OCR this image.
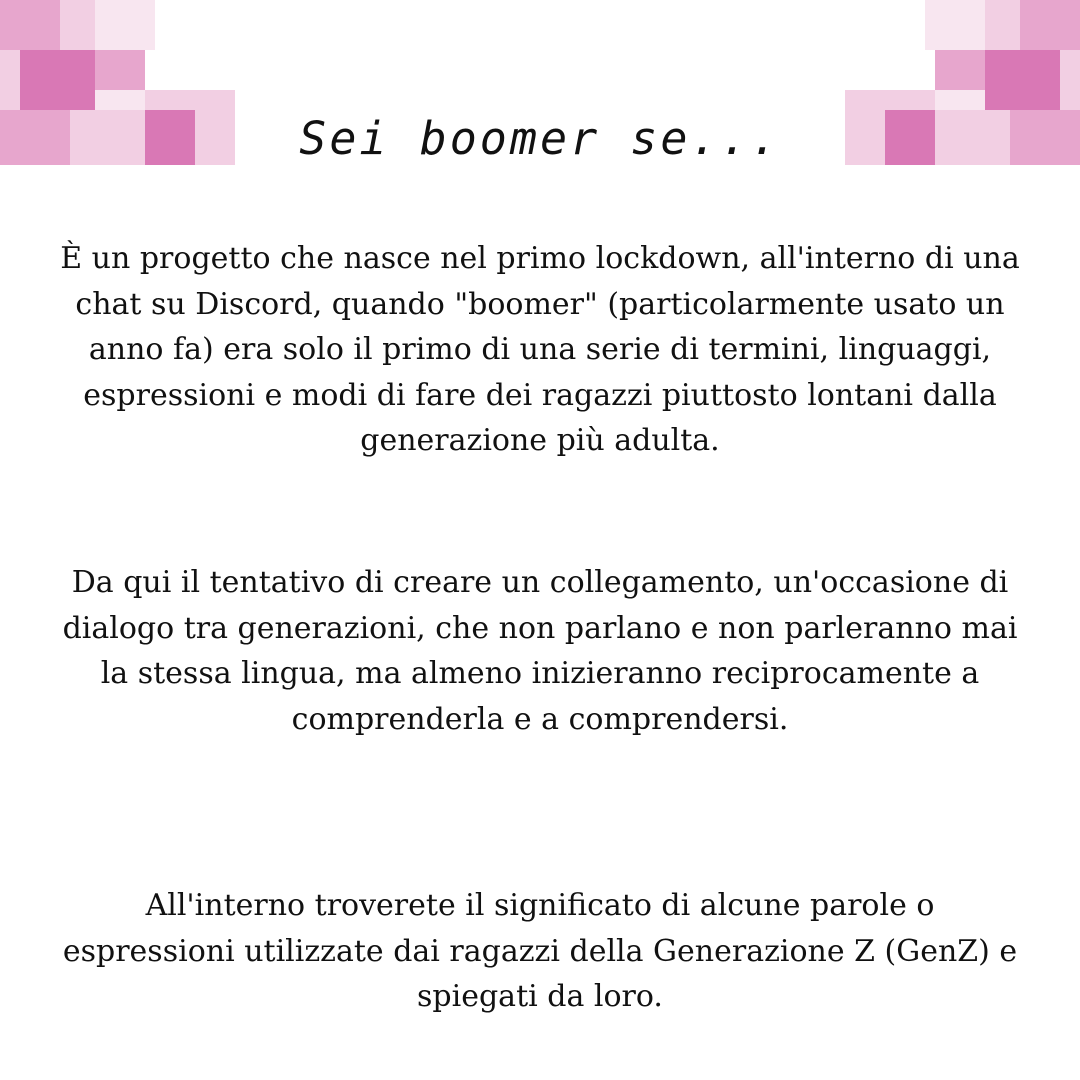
Sei boomer se...

È un progetto che nasce nel primo lockdown, all'interno di una chat su Discord, quando "boomer" (particolarmente usato un anno fa) era solo il primo di una serie di termini, linguaggi, espressioni e modi di fare dei ragazzi piuttosto lontani dalla generazione più adulta.

Da qui il tentativo di creare un collegamento, un'occasione di dialogo tra generazioni, che non parlano e non parleranno mai la stessa lingua, ma almeno inizieranno reciprocamente a comprenderla e a comprendersi.

All'interno troverete il significato di alcune parole o espressioni utilizzate dai ragazzi della Generazione Z (GenZ) e spiegati da loro.
